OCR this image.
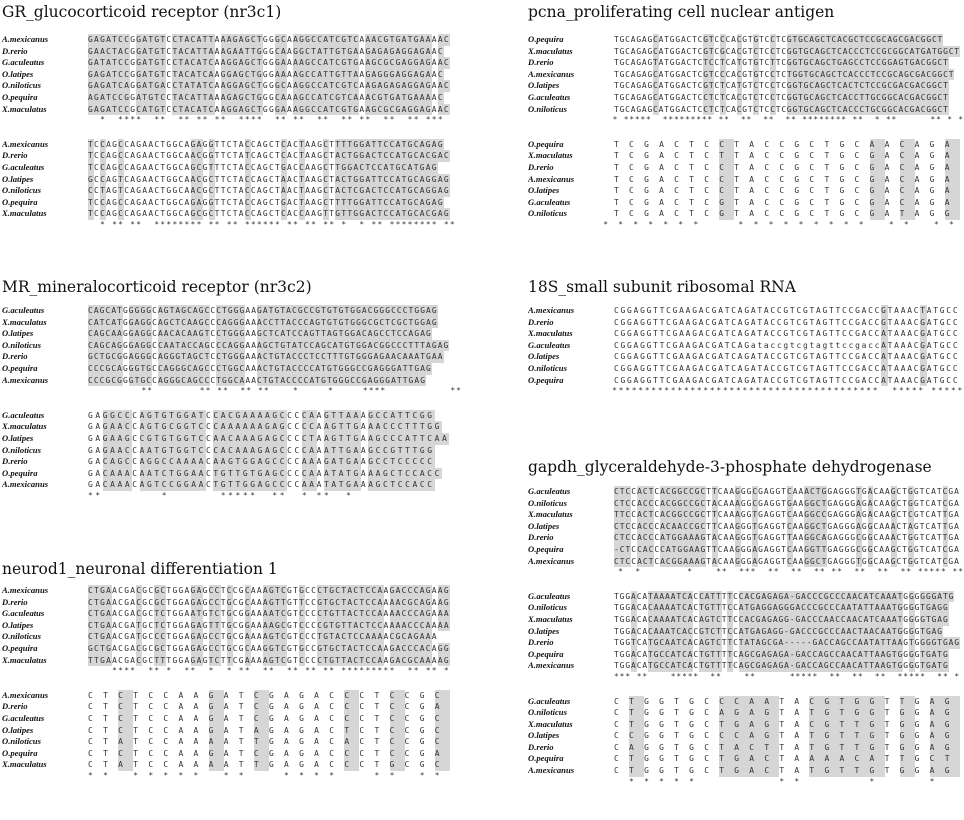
GR_glucocorticoid receptor (nr3c1)

A.mexicanus	GAGATCCGGATGTCCTACATTAAAGAGCTGGGCAAGGCCATCGTCAAACGTGATGAAAAC
D.rerio	GAACTACGGATGTCTACATTAAAGAATTGGGCAAGGCTATTGTGAAGAGAGAGGAGAAC
G.aculeatus	GATATCCGGATGTCCTACATCAAGGAGCTGGGAAAAGCCATCGTGAAGCGCGAGGAGAAC
O.latipes	GAGATCCGGATGTCTACATCAAGGAGCTGGGAAAAGCCATTGTTAAGAGGGAGGAGAAC
O.niloticus	GAGATCAGGATGACCTATATCAAGGAGCTGGGCAAGGCCATCGTCAAGAGAGAGGAGAAC
O.pequira	AGATCCGGATGTCCTACATTAAAGAGCTGGGCAAAGCCATCGTCAAACGTGATGAAAAC
X.maculatus	GAGATCCGCATGTCCTACATCAAGGAGCTGGGAAAGGCCATCGTGAAGCGCGAGGAGAAC
* **** ** ** ** ** **** ** ** ** ** ** ** ** ***
A.mexicanus	TCCAGCCAGAACTGGCAGAGGTTCTACCAGCTCACTAAGCTTTTGGATTCCATGCAGAG
D.rerio	TCCAGCCAGAACTGGCAACGGTTCTATCAGCTCACTAAGCTACTGGACTCCATGCACGAC
G.aculeatus	TCCAGCCAGAACTGGCAGCGTTTCTACCAGCTGACCAAGCTTGGACTCCATGCATGAG
O.latipes	GCCAGTCAGAACTGGCAACGCTTCTACCAGCTAACTAAGCTACTGGATTCCATGCAGGAG
O.niloticus	CCTAGTCAGAACTGGCAACGCTTCTACCAGCTAACTAAGCTACTCGACTCCATGCAGGAG
O.pequira	TCCAGCCAGAACTGGCAGAGGTTCTACCAGCTGACTAAGCTTTTGGATTCCATGCAGAG
X.maculatus	TCCAGCCAGAACTGGCAGCGCTTCTACCAGCTCACCAAGTTGTTGGACTCCATGCACGAG
* ** ** ******** ** ** ****** ** ** ** * * ** ******** **

MR_mineralocorticoid receptor (nr3c2)

G.aculeatus	CAGCATGGGGGCAGTAGCAGCCCTGGGAAGATGTACGCCGTGTGTGGACGGGCCCTGGAG
X.maculatus	CATCATGGAGGCAGCTCAAGCCCAGGGAAACCTTACCCAGTGTGTGGGCGCTCGCTGGAG
O.latipes	CAGCAAGGAGGCAACACAAGTCCTGGGAAGCTCATCCAGTTAGTGGACAGCCTCCAGAG
O.niloticus	CAGCAGGGAGGCCAATACCAGCCCAGGAAAGCTGTATCCAGCATGTGGACGGCCCTTTAGAG
D.rerio	GCTGCGGAGGGCAGGGTAGCTCCTGGGAAACTGTACCCTCCTTTGTGGGAGAACAAATGAA
O.pequira	CCCGCAGGGTGCCAGGGCAGCCCTGGCAAACTGTACCCCATGTGGGCCGAGGGATTGAG
A.mexicanus	CCCGCGGGTGCCAGGGCAGCCCTGGCAAACTGTACCCCATGTGGGCCGAGGGATTGAG
**	** ** ** **	*	*	****	**
G.aculeatus	G A G G C C C A G T G T G G A T C C A C G A A A A G C C C C A A G T T A A A G C C A T T C G G
X.maculatus	G A G A A C C A G T G C G G T C C C A A A A A A G A G C C C C A A G T T G A A A C C C T T T G G
O.latipes	G A G A A G C C G T G T G G T C C A A C A A A G A G C C C C T A A G T T G A A G C C C A T T C A A
O.niloticus	G A G A A C C A A T G T G G T C C C A C A A A G A G C C C C A A A T T G A A G C C G T T T G G
D.rerio	G A C A G C C A G G C C A A A A C A A G T G G A G C C C C A A A G A T G A A G C C T C C C C C
O.pequira	G A C A A A C A A T C T G G A A C T G T T G T G A G C C C C A A A T A T G A A A G C T C C A C C
A.mexicanus	G A C A A A C A G T C C G G A A C T G T T G G A G C C C C A A A T A T G A A A G C T C C A C C
* *	*	* * * * * * * * * * *

neurod1_neuronal differentiation 1

A.mexicanus	CTGAACGACGCGCTGGAGAGCCTCCGCAAAGTCGTGCCCTGCTACTCCAAGACCCAGAAG
D.rerio	CTGAACGACGCGCTGGAGAGCCTGCGCAAAGTTGTTCCGTGCTACTCCAAAACGCAGAAG
G.aculeatus	CTGAACGACGCTCTGGAATGTCTGCGGAAAATCGTCCCCTGTTACTCCAAAACCCAGAAA
O.latipes	CTGAACGATGCTCTGGAGAGTTTGCGGAAAAGCGTCCCCGTGTTACTCCAAAACCCAAAA
O.niloticus	CTGAACGATGCCCTGGAGAGCCTGCGAAAAGTCGTCCCTGTACTCCAAAACGCAGAAA
O.pequira	GCTGACGACGCGCTGGAGAGCCTGCGCAAGGTCGTGCCGTGCTACTCCAAGACCCACAGG
X.maculatus	TTGAACGACGCTTTGGAGAGTCTTCGAAAAGTCGTCCCCTGTTACTCCAAGACGCAAAAG
**** ** * ** * * ** ** ** ** ** ********* ** ** *
A.mexicanus	C T C T C C A A G A T C G A G A C C C T C C G C
D.rerio	C T C T C C A A G A T C G A G A C C C T C C G A
G.aculeatus	C T C T C C A A G A T C G A G A C C C T C C G C
O.latipes	C T C T C C A A G A T A G A G A C T C T C C G C
O.niloticus	C T A T C C A A A A T T G A G A C A C T C C G C
O.pequira	C T C T C C A A G A T C G A G A C C C T C C G A
X.maculatus	C T A T C C A A A A T T G A G A C C C T G C G C
* *	* * * * *	* *	* * * *	* *	* *

pcna_proliferating cell nuclear antigen

O.pequira	TGCAGAGCATGGACTCGTCCCACGTGTCCTCGTGCAGCTCACGCTCCGCAGCGACGGCT
X.maculatus	TGCAGAGCATGGACTCGTCGCACGTCTCCTCGGTGCAGCTCACCCTCCGCGGCATGATGGCT
D.rerio	TGCAGAGTATGGACTCTCCTCATGTGTCTTCGGTGCAGCTGAGCCTCCGGAGTGACGGCT
A.mexicanus	TGCAGAGCATGGACTCGTCCCACGTGTCCTCTGGTGCAGCTCACCCTCCGCAGCGACGGCT
O.latipes	TGCAGAGCATGGACTCGTCTCATGTCTCCTCGGTGCAGCTCACTCTCCGCGACGACGGCT
G.aculeatus	TGCAGAGCATGGACTCCTCTCACGTCTCCTCGGTGCAGCTCACCTTGCGGCACGACGGCT
O.niloticus	TGCAGAGCATGGACTCCTCTCACGTCTCCTCGGTGCAGCTCACCCTGCGGCACGACGGCT
* ***** ********* ** ** ** ** ******** ** * **	** * *
O.pequira	T C G A C T C C T A C C G C T G C A A C A G A
X.maculatus	T C G A C T C T T A C C G C T G C G A C A G A
D.rerio	T C G A C T C C T A C C G C T G C G A C A G A
A.mexicanus	T C G A C T C C T A C C G C T G C G A C A G A
O.latipes	T C G A C T C C T A C C G C T G C G A C A G A
G.aculeatus	T C G A C T C G T A C C G C T G C G A C A G A
O.niloticus	T C G A C T C G T A C C G C T G C G A T A G G
* * * * * * *	* * * * * * * * *	* *	* *

18S_small subunit ribosomal RNA

A.mexicanus	C G G A G G T T C G A A G A C G A T C A G A T A C C G T C G T A G T T C C G A C C G T A A A C T A T G C C
D.rerio	C G G A G G T T C G A A G A C G A T C A G A T A C C G T C G T A G T T C C G A C C G T A A A C G A T G C C
X.maculatus	C G G A G G T T C G A A G A C G A T C A G A T A C C G T C G T A G T T C C G A C C A T A A A C G A T G C C
G.aculeatus	C G G A G G T T C G A A G A C G A T C A G a t a c c g t c g t a g t t c c g a c c A T A A A C G A T G C C
O.latipes	C G G A G G T T C G A A G A C G A T C A G A T A C C G T C G T A G T T C C G A C C A T A A A C G A T G C C
O.niloticus	C G G A G G T T C G A A G A C G A T C A G A T A C C G T C G T A G T T C C G A C C A T A A A C G A T G C C
O.pequira	C G G A G G T T C G A A G A C G A T C A G A T A C C G T C G T A G T T C C G A C C A T A A A C G A T G C C
* * * * * * * * * * * * * * * * * * * * * * * * * * * * * * * * * * * * * * * * * * * * * * * * * * *

gapdh_glyceraldehyde-3-phosphate dehydrogenase

G.aculeatus	CTCCACTCACGGCCGCTTCAAGGGCGAGGTCAAACTGGAGGGTGACAAGCTGGTCATCGA
O.niloticus	CTCCACCCACGGCCGCTACAAAGGCGAGGTGAAGGCTGAGGGAGACAAGCTGGTCATCGA
X.maculatus	TTCCACTCACGGCCGCTTCAAAGGTGAGGTCAAGGCCGAGGGAGACAAGCTCGTCATTGA
O.latipes	CTCCACCCACAACCGCTTCAAGGGTGAGGTCAAGGCTGAGGGAGGCAAACTAGTCATTGA
D.rerio	CTCCACCCATGGAAAGTACAAGGGTGAGGTTAAGGCAGAGGGCGGCAAACTGGTCATTGA
O.pequira	-CTCCACCCATGGAAGTTCAAGGGAGAGGTCAAGGTTGAGGGCGGCAAGCTGGTCATCGA
A.mexicanus	CTCCACTCACGGAAAGTACAAGGGAGAGGTCAAGGCTGAGGGTGGCAAGCTGGTCATCGA
* *	*	** *** ** ** ** ** ** ** ** ***** **
G.aculeatus	TGGACATAAAATCACCATTTTCCACGAGAGA-GACCCGCCCAACATCAAATGGGGGGATG
O.niloticus	TGGACACAAAATCACTGTTTCCATGAGGAGGGACCCGCCCAATATTAAATGGGGTGAGG
X.maculatus	TGGACACAAAATCACAGTCTTCCACGAGAGG-GACCCAACCAACATCAAATGGGGTGAG
O.latipes	TGGACACAAATCACCGTCTTCCATGAGAGG-GACCCGCCCAACTAACAATGGGGTGAG
D.rerio	TGGTCATGCAATCACAGTCTTCTATAGCGA-----GACCAGCCAATATTAAGTGGGGTGAG
O.pequira	TGGACATGCCATCACTGTTTTCAGCGAGAGA-GACCAGCCAACATTAAGTGGGGTGATG
A.mexicanus	TGGACATGCCATCACTGTTTTCAGCGAGAGA-GACCAGCCAACATTAAGTGGGGTGATG
*** **	***** **	**	***** ** ** ** ***** ** *
G.aculeatus	C T G G T G C C C A A T A C G T G G T T G A G
O.niloticus	C T G G T G C A G A G T A T G T G G T G G A G
X.maculatus	C T G G T G C T G A G T A C G T T G T G G A G
O.latipes	C C G G T G C C C A G T A T G T T G T G G A G
D.rerio	C A G G T G C T A C T T A T G T T G T G G A G
O.pequira	C T G G T G C T G A C T A A A A C A T T G C T
A.mexicanus	C T G G T G C T G A C T A T G T T G T G G A G
* * * * *	* *	*	*
